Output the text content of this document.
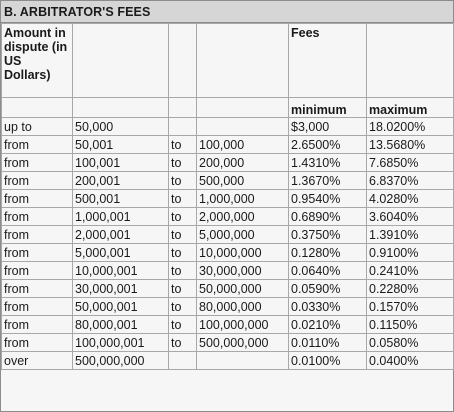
B. ARBITRATOR'S FEES
Amount in dispute (in US Dollars)				Fees	
				minimum	maximum
up to	50,000			$3,000	18.0200%
from	50,001	to	100,000	2.6500%	13.5680%
from	100,001	to	200,000	1.4310%	7.6850%
from	200,001	to	500,000	1.3670%	6.8370%
from	500,001	to	1,000,000	0.9540%	4.0280%
from	1,000,001	to	2,000,000	0.6890%	3.6040%
from	2,000,001	to	5,000,000	0.3750%	1.3910%
from	5,000,001	to	10,000,000	0.1280%	0.9100%
from	10,000,001	to	30,000,000	0.0640%	0.2410%
from	30,000,001	to	50,000,000	0.0590%	0.2280%
from	50,000,001	to	80,000,000	0.0330%	0.1570%
from	80,000,001	to	100,000,000	0.0210%	0.1150%
from	100,000,001	to	500,000,000	0.0110%	0.0580%
over	500,000,000			0.0100%	0.0400%
